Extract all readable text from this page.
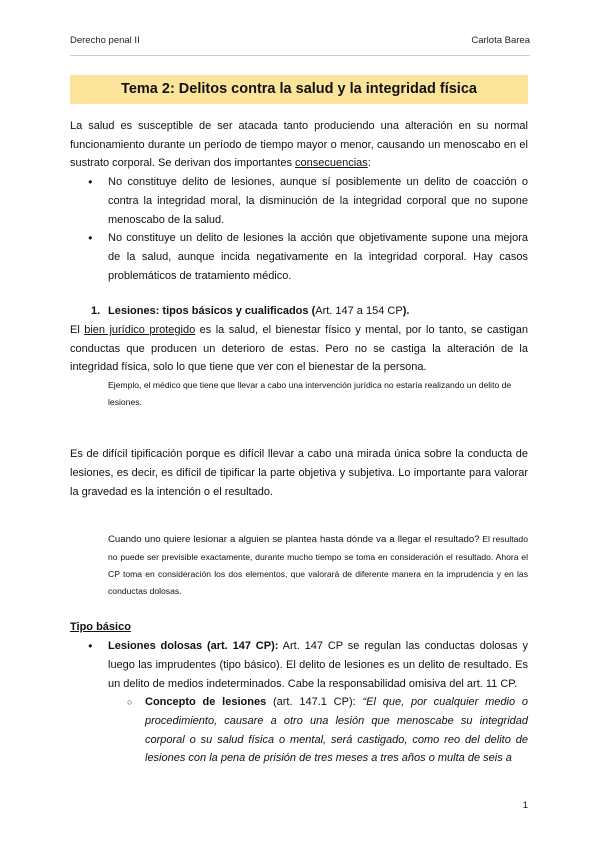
Derecho penal II	Carlota Barea
Tema 2: Delitos contra la salud y la integridad física

La salud es susceptible de ser atacada tanto produciendo una alteración en su normal funcionamiento durante un período de tiempo mayor o menor, causando un menoscabo en el sustrato corporal. Se derivan dos importantes consecuencias:

● No constituye delito de lesiones, aunque sí posiblemente un delito de coacción o contra la integridad moral, la disminución de la integridad corporal que no supone menoscabo de la salud.
● No constituye un delito de lesiones la acción que objetivamente supone una mejora de la salud, aunque incida negativamente en la integridad corporal. Hay casos problemáticos de tratamiento médico.
1. Lesiones: tipos básicos y cualificados (Art. 147 a 154 CP).

El bien jurídico protegido es la salud, el bienestar físico y mental, por lo tanto, se castigan conductas que producen un deterioro de estas. Pero no se castiga la alteración de la integridad física, solo lo que tiene que ver con el bienestar de la persona.

Ejemplo, el médico que tiene que llevar a cabo una intervención jurídica no estaría realizando un delito de lesiones.

Es de difícil tipificación porque es difícil llevar a cabo una mirada única sobre la conducta de lesiones, es decir, es difícil de tipificar la parte objetiva y subjetiva. Lo importante para valorar la gravedad es la intención o el resultado.

Cuando uno quiere lesionar a alguien se plantea hasta dónde va a llegar el resultado? El resultado no puede ser previsible exactamente, durante mucho tiempo se toma en consideración el resultado. Ahora el CP toma en consideración los dos elementos, que valorará de diferente manera en la imprudencia y en las conductas dolosas.

Tipo básico

● Lesiones dolosas (art. 147 CP): Art. 147 CP se regulan las conductas dolosas y luego las imprudentes (tipo básico). El delito de lesiones es un delito de resultado. Es un delito de medios indeterminados. Cabe la responsabilidad omisiva del art. 11 CP.
○ Concepto de lesiones (art. 147.1 CP): “El que, por cualquier medio o procedimiento, causare a otro una lesión que menoscabe su integridad corporal o su salud física o mental, será castigado, como reo del delito de lesiones con la pena de prisión de tres meses a tres años o multa de seis a
1
